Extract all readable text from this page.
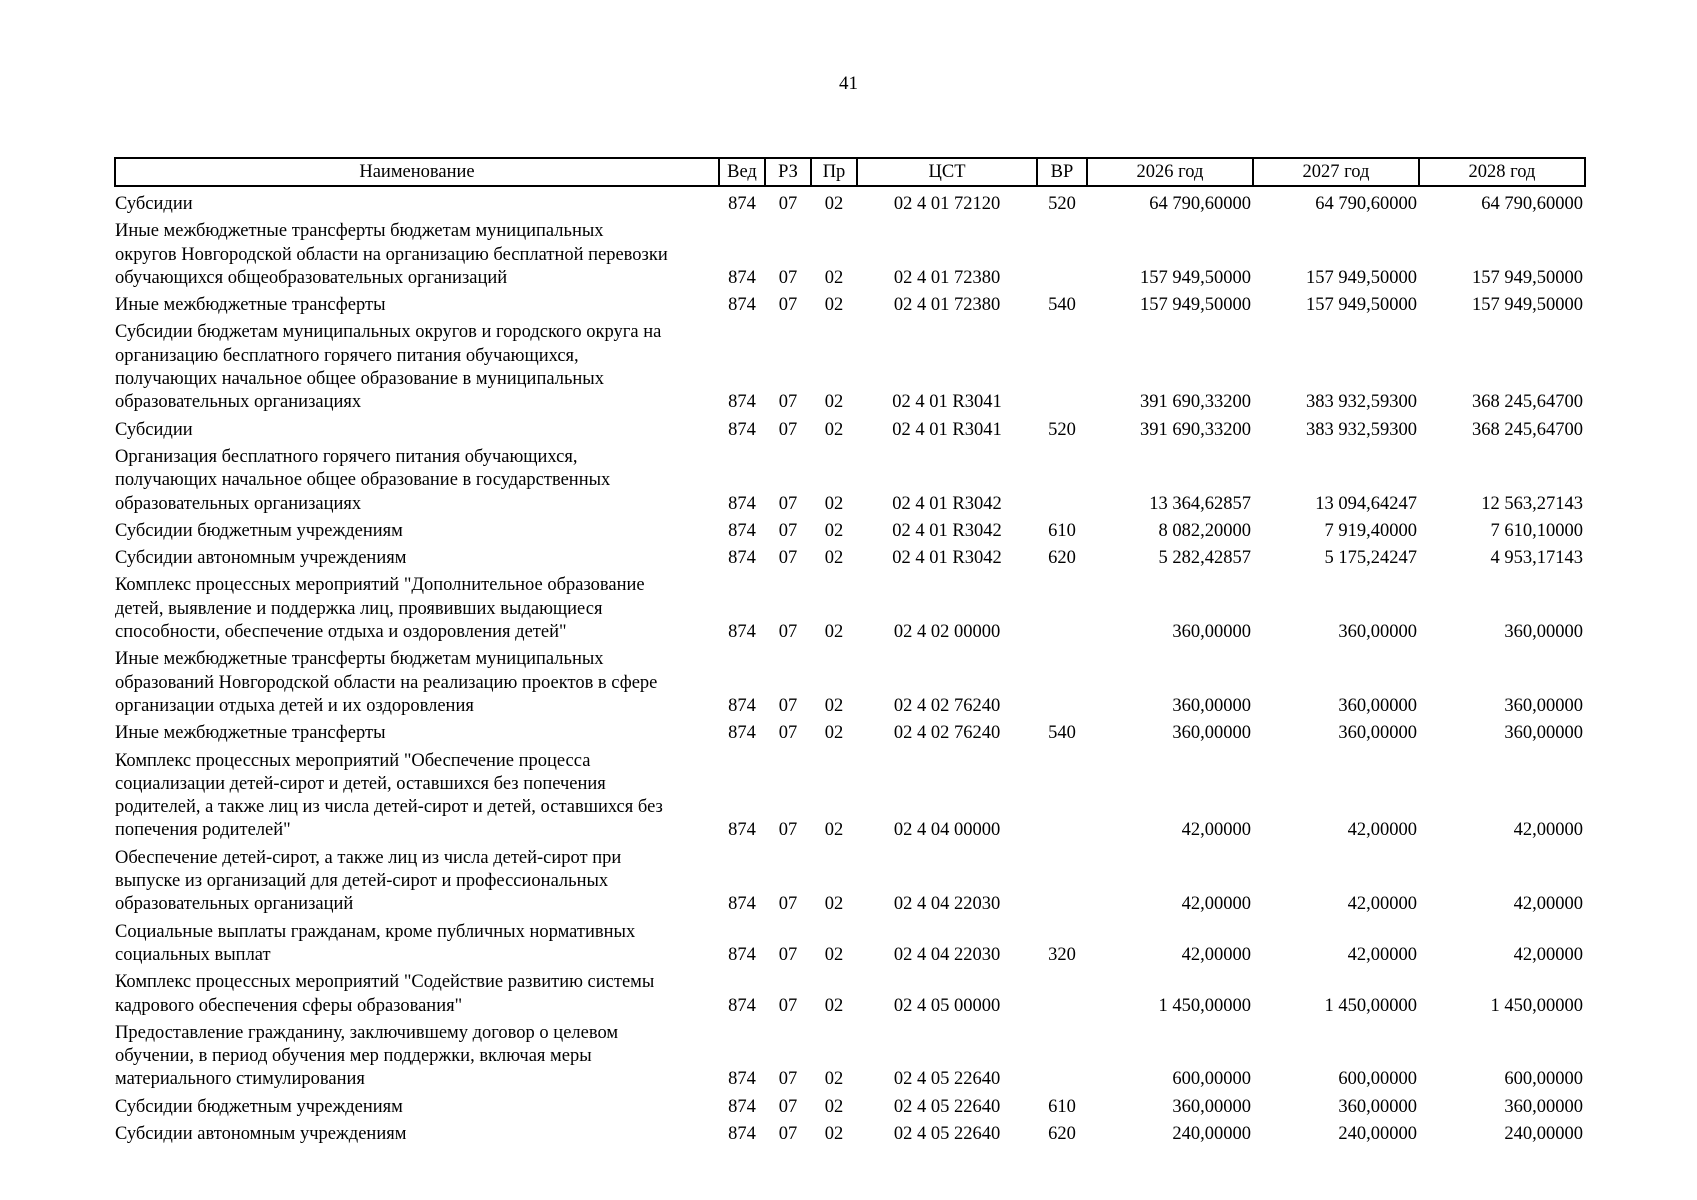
41
Наименование	Вед	РЗ	Пр	ЦСТ	ВР	2026 год	2027 год	2028 год
Субсидии	874	07	02	02 4 01 72120	520	64 790,60000	64 790,60000	64 790,60000
Иные межбюджетные трансферты бюджетам муниципальных
округов Новгородской области на организацию бесплатной перевозки
обучающихся общеобразовательных организаций	874	07	02	02 4 01 72380		157 949,50000	157 949,50000	157 949,50000
Иные межбюджетные трансферты	874	07	02	02 4 01 72380	540	157 949,50000	157 949,50000	157 949,50000
Субсидии бюджетам муниципальных округов и городского округа на
организацию бесплатного горячего питания обучающихся,
получающих начальное общее образование в муниципальных
образовательных организациях	874	07	02	02 4 01 R3041		391 690,33200	383 932,59300	368 245,64700
Субсидии	874	07	02	02 4 01 R3041	520	391 690,33200	383 932,59300	368 245,64700
Организация бесплатного горячего питания обучающихся,
получающих начальное общее образование в государственных
образовательных организациях	874	07	02	02 4 01 R3042		13 364,62857	13 094,64247	12 563,27143
Субсидии бюджетным учреждениям	874	07	02	02 4 01 R3042	610	8 082,20000	7 919,40000	7 610,10000
Субсидии автономным учреждениям	874	07	02	02 4 01 R3042	620	5 282,42857	5 175,24247	4 953,17143
Комплекс процессных мероприятий "Дополнительное образование
детей, выявление и поддержка лиц, проявивших выдающиеся
способности, обеспечение отдыха и оздоровления детей"	874	07	02	02 4 02 00000		360,00000	360,00000	360,00000
Иные межбюджетные трансферты бюджетам муниципальных
образований Новгородской области на реализацию проектов в сфере
организации отдыха детей и их оздоровления	874	07	02	02 4 02 76240		360,00000	360,00000	360,00000
Иные межбюджетные трансферты	874	07	02	02 4 02 76240	540	360,00000	360,00000	360,00000
Комплекс процессных мероприятий "Обеспечение процесса
социализации детей-сирот и детей, оставшихся без попечения
родителей, а также лиц из числа детей-сирот и детей, оставшихся без
попечения родителей"	874	07	02	02 4 04 00000		42,00000	42,00000	42,00000
Обеспечение детей-сирот, а также лиц из числа детей-сирот при
выпуске из организаций для детей-сирот и профессиональных
образовательных организаций	874	07	02	02 4 04 22030		42,00000	42,00000	42,00000
Социальные выплаты гражданам, кроме публичных нормативных
социальных выплат	874	07	02	02 4 04 22030	320	42,00000	42,00000	42,00000
Комплекс процессных мероприятий "Содействие развитию системы
кадрового обеспечения сферы образования"	874	07	02	02 4 05 00000		1 450,00000	1 450,00000	1 450,00000
Предоставление гражданину, заключившему договор о целевом
обучении, в период обучения мер поддержки, включая меры
материального стимулирования	874	07	02	02 4 05 22640		600,00000	600,00000	600,00000
Субсидии бюджетным учреждениям	874	07	02	02 4 05 22640	610	360,00000	360,00000	360,00000
Субсидии автономным учреждениям	874	07	02	02 4 05 22640	620	240,00000	240,00000	240,00000
